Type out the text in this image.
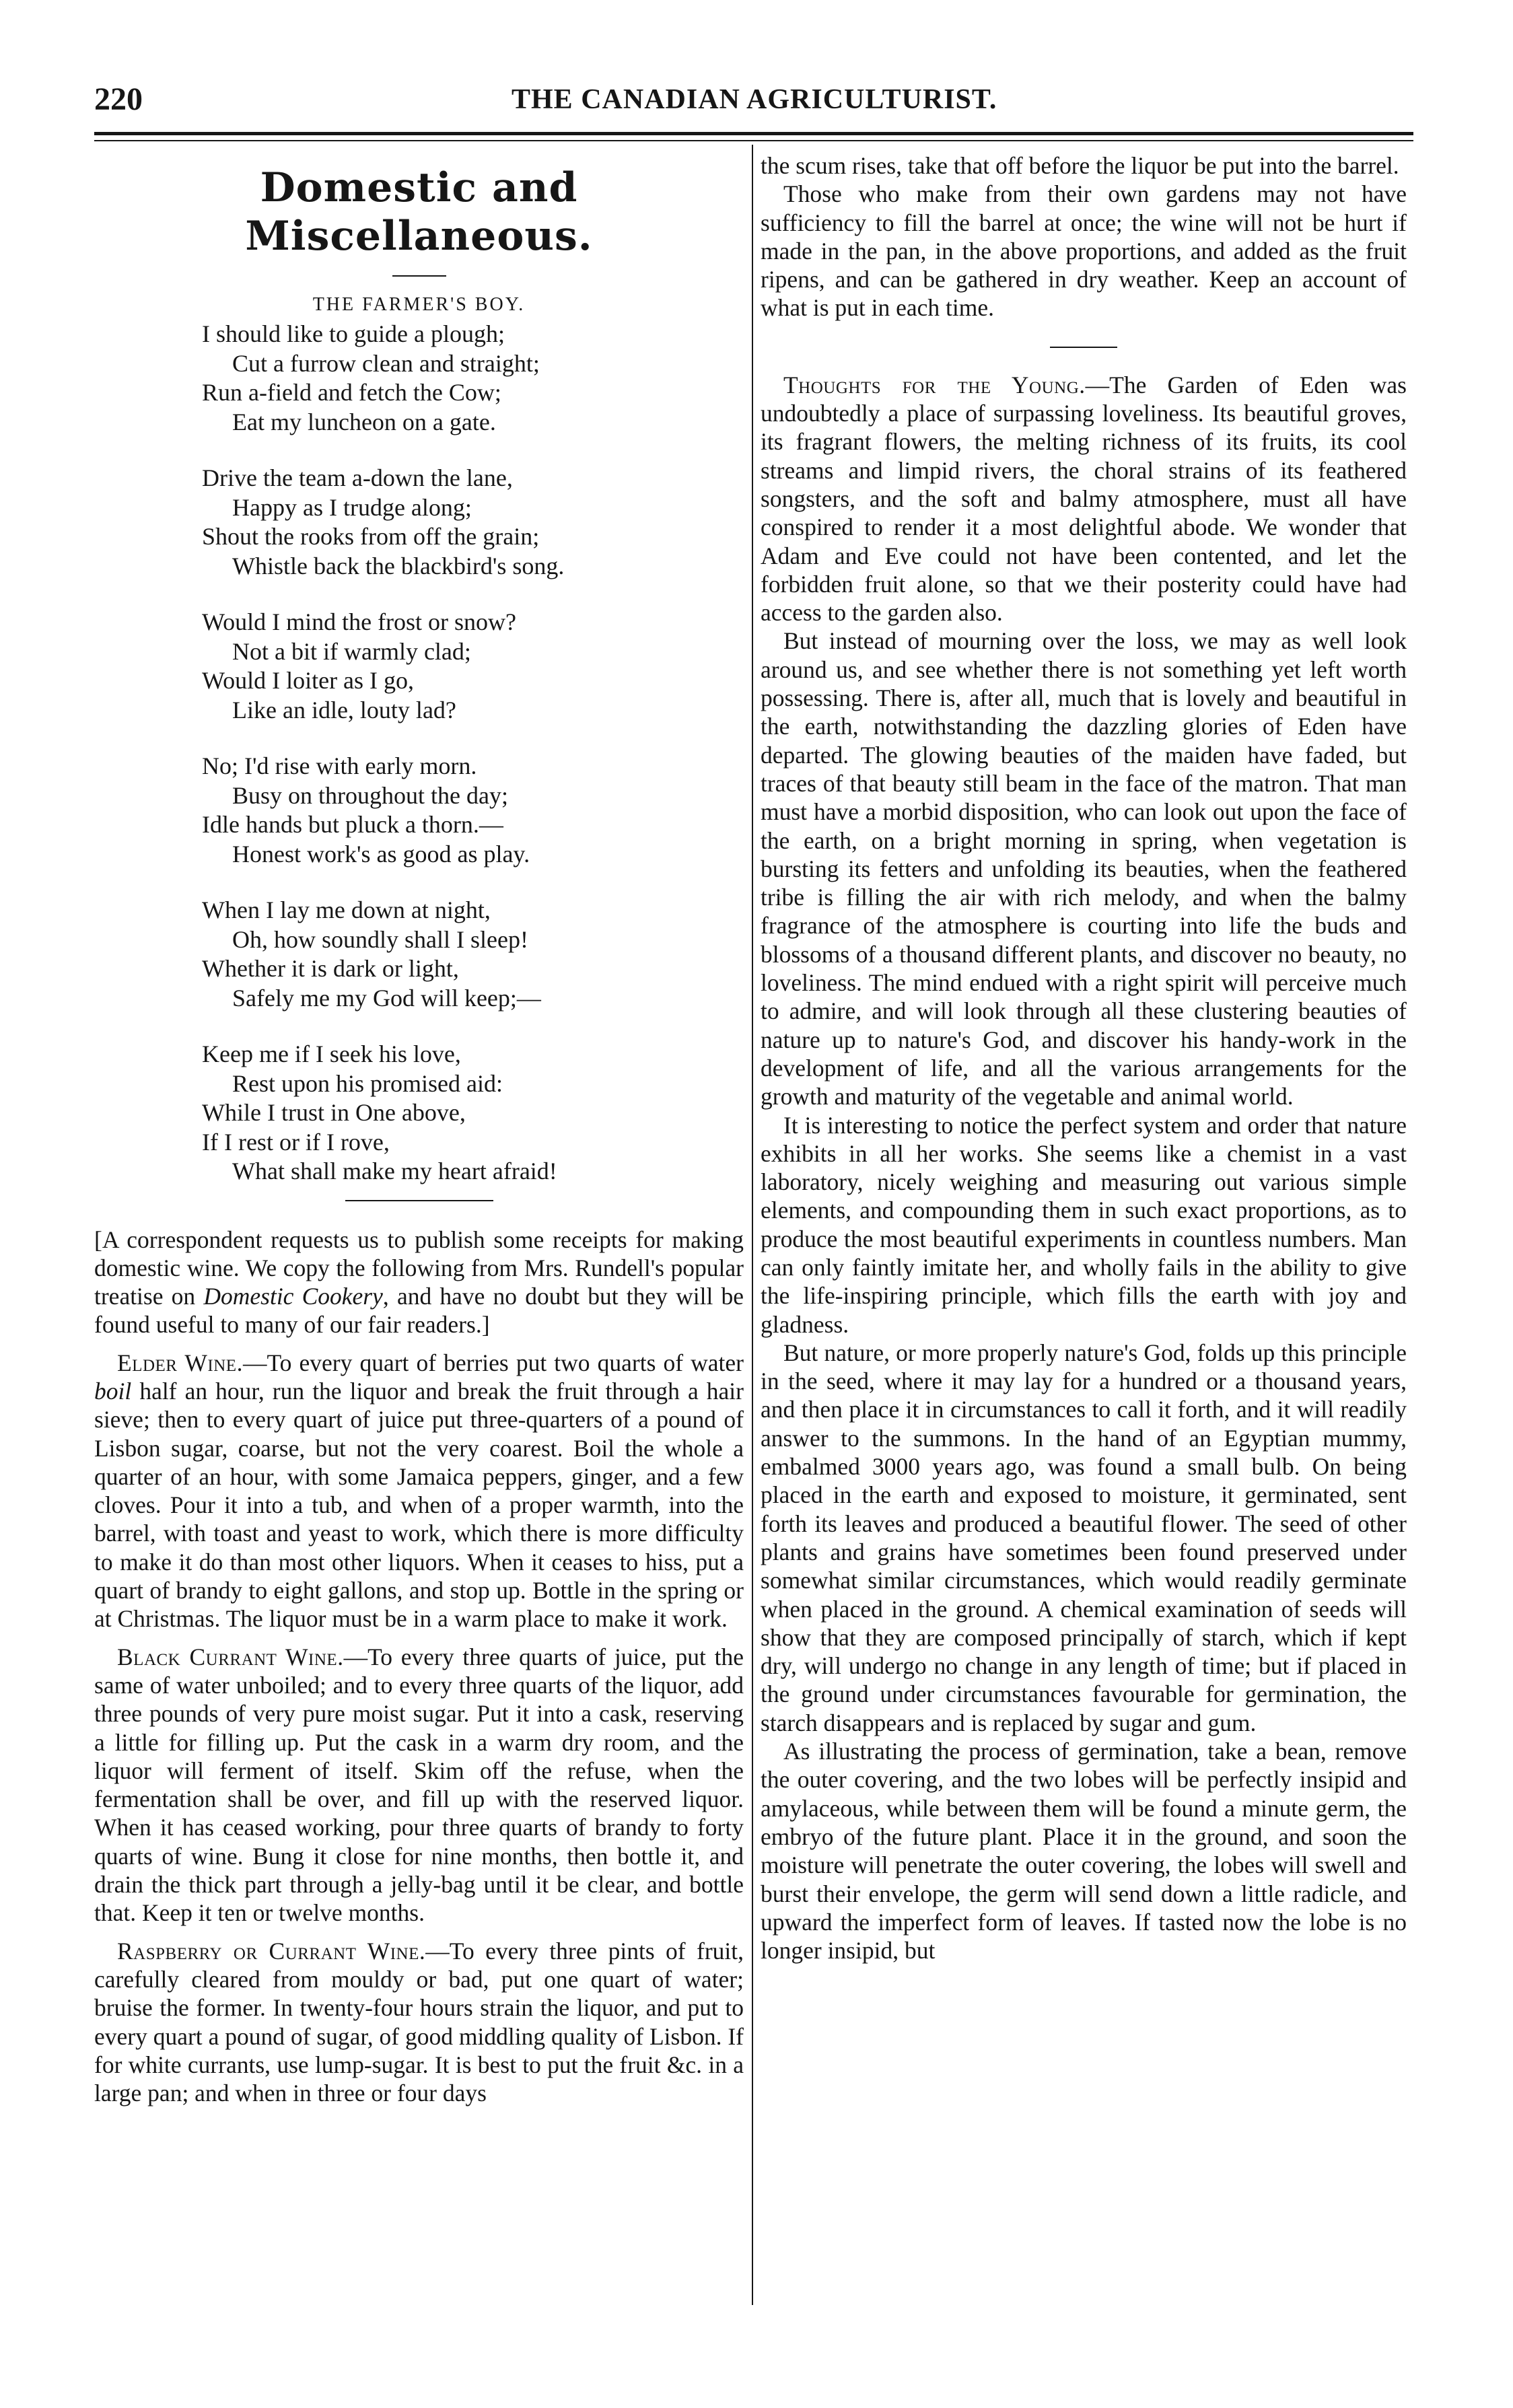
220	THE CANADIAN AGRICULTURIST.
Domestic and Miscellaneous.
THE FARMER'S BOY.
I should like to guide a plough;
Cut a furrow clean and straight;
Run a-field and fetch the Cow;
Eat my luncheon on a gate.
Drive the team a-down the lane,
Happy as I trudge along;
Shout the rooks from off the grain;
Whistle back the blackbird's song.
Would I mind the frost or snow?
Not a bit if warmly clad;
Would I loiter as I go,
Like an idle, louty lad?
No; I'd rise with early morn.
Busy on throughout the day;
Idle hands but pluck a thorn.—
Honest work's as good as play.
When I lay me down at night,
Oh, how soundly shall I sleep!
Whether it is dark or light,
Safely me my God will keep;—
Keep me if I seek his love,
Rest upon his promised aid:
While I trust in One above,
If I rest or if I rove,
What shall make my heart afraid!

[A correspondent requests us to publish some receipts for making domestic wine. We copy the following from Mrs. Rundell's popular treatise on Domestic Cookery, and have no doubt but they will be found useful to many of our fair readers.]

Elder Wine.—To every quart of berries put two quarts of water boil half an hour, run the liquor and break the fruit through a hair sieve; then to every quart of juice put three-quarters of a pound of Lisbon sugar, coarse, but not the very coarest. Boil the whole a quarter of an hour, with some Jamaica peppers, ginger, and a few cloves. Pour it into a tub, and when of a proper warmth, into the barrel, with toast and yeast to work, which there is more difficulty to make it do than most other liquors. When it ceases to hiss, put a quart of brandy to eight gallons, and stop up. Bottle in the spring or at Christmas. The liquor must be in a warm place to make it work.

Black Currant Wine.—To every three quarts of juice, put the same of water unboiled; and to every three quarts of the liquor, add three pounds of very pure moist sugar. Put it into a cask, reserving a little for filling up. Put the cask in a warm dry room, and the liquor will ferment of itself. Skim off the refuse, when the fermentation shall be over, and fill up with the reserved liquor. When it has ceased working, pour three quarts of brandy to forty quarts of wine. Bung it close for nine months, then bottle it, and drain the thick part through a jelly-bag until it be clear, and bottle that. Keep it ten or twelve months.

Raspberry or Currant Wine.—To every three pints of fruit, carefully cleared from mouldy or bad, put one quart of water; bruise the former. In twenty-four hours strain the liquor, and put to every quart a pound of sugar, of good middling quality of Lisbon. If for white currants, use lump-sugar. It is best to put the fruit &c. in a large pan; and when in three or four days

the scum rises, take that off before the liquor be put into the barrel.

Those who make from their own gardens may not have sufficiency to fill the barrel at once; the wine will not be hurt if made in the pan, in the above proportions, and added as the fruit ripens, and can be gathered in dry weather. Keep an account of what is put in each time.

Thoughts for the Young.—The Garden of Eden was undoubtedly a place of surpassing loveliness. Its beautiful groves, its fragrant flowers, the melting richness of its fruits, its cool streams and limpid rivers, the choral strains of its feathered songsters, and the soft and balmy atmosphere, must all have conspired to render it a most delightful abode. We wonder that Adam and Eve could not have been contented, and let the forbidden fruit alone, so that we their posterity could have had access to the garden also.

But instead of mourning over the loss, we may as well look around us, and see whether there is not something yet left worth possessing. There is, after all, much that is lovely and beautiful in the earth, notwithstanding the dazzling glories of Eden have departed. The glowing beauties of the maiden have faded, but traces of that beauty still beam in the face of the matron. That man must have a morbid disposition, who can look out upon the face of the earth, on a bright morning in spring, when vegetation is bursting its fetters and unfolding its beauties, when the feathered tribe is filling the air with rich melody, and when the balmy fragrance of the atmosphere is courting into life the buds and blossoms of a thousand different plants, and discover no beauty, no loveliness. The mind endued with a right spirit will perceive much to admire, and will look through all these clustering beauties of nature up to nature's God, and discover his handy-work in the development of life, and all the various arrangements for the growth and maturity of the vegetable and animal world.

It is interesting to notice the perfect system and order that nature exhibits in all her works. She seems like a chemist in a vast laboratory, nicely weighing and measuring out various simple elements, and compounding them in such exact proportions, as to produce the most beautiful experiments in countless numbers. Man can only faintly imitate her, and wholly fails in the ability to give the life-inspiring principle, which fills the earth with joy and gladness.

But nature, or more properly nature's God, folds up this principle in the seed, where it may lay for a hundred or a thousand years, and then place it in circumstances to call it forth, and it will readily answer to the summons. In the hand of an Egyptian mummy, embalmed 3000 years ago, was found a small bulb. On being placed in the earth and exposed to moisture, it germinated, sent forth its leaves and produced a beautiful flower. The seed of other plants and grains have sometimes been found preserved under somewhat similar circumstances, which would readily germinate when placed in the ground. A chemical examination of seeds will show that they are composed principally of starch, which if kept dry, will undergo no change in any length of time; but if placed in the ground under circumstances favourable for germination, the starch disappears and is replaced by sugar and gum.

As illustrating the process of germination, take a bean, remove the outer covering, and the two lobes will be perfectly insipid and amylaceous, while between them will be found a minute germ, the embryo of the future plant. Place it in the ground, and soon the moisture will penetrate the outer covering, the lobes will swell and burst their envelope, the germ will send down a little radicle, and upward the imperfect form of leaves. If tasted now the lobe is no longer insipid, but
